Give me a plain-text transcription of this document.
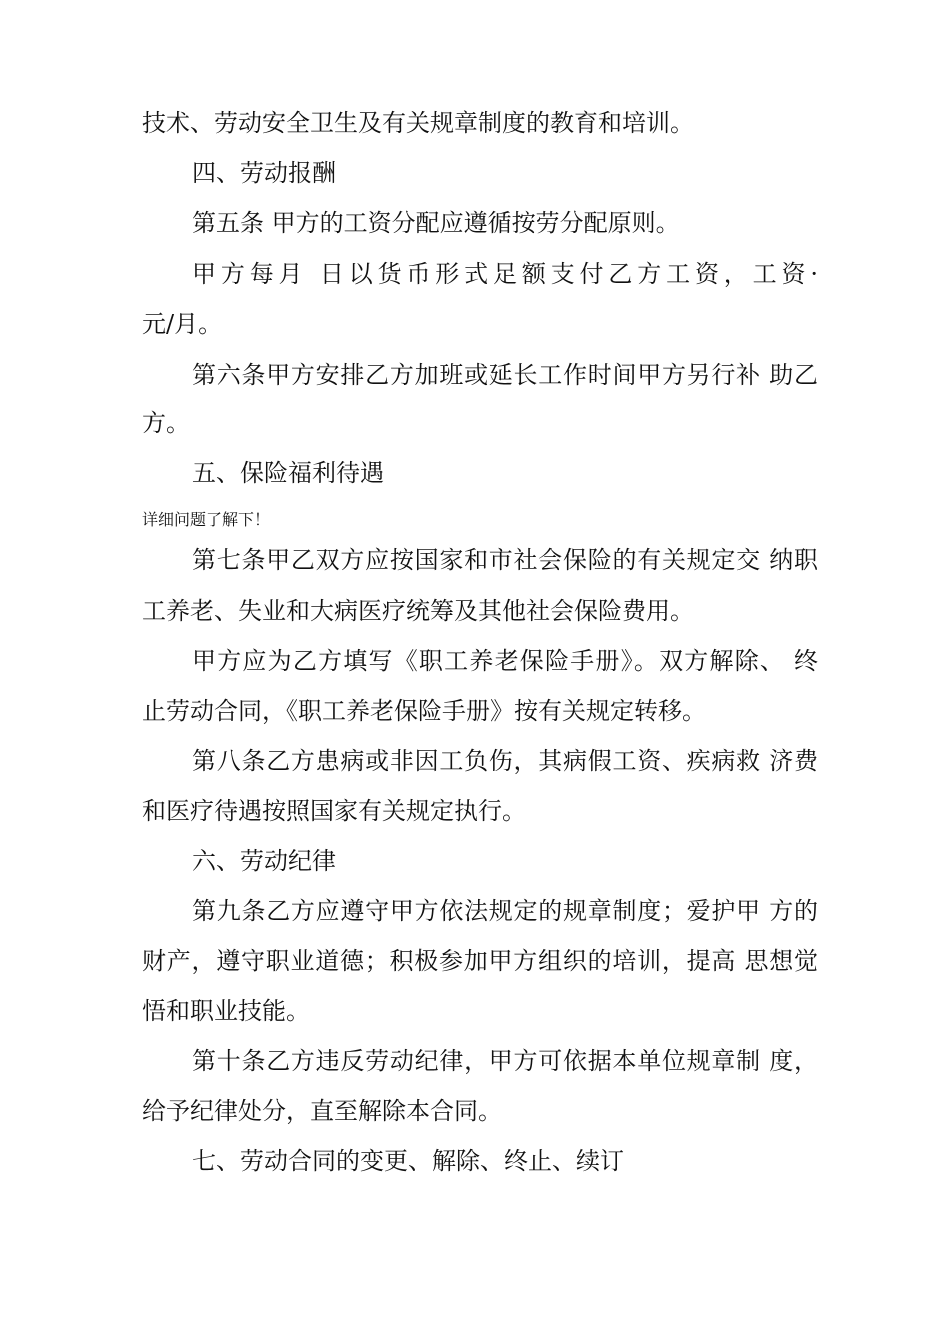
技术、劳动安全卫生及有关规章制度的教育和培训。
四、劳动报酬
第五条 甲方的工资分配应遵循按劳分配原则。
甲方每月 日以货币形式足额支付乙方工资，工资·
元/月。
第六条甲方安排乙方加班或延长工作时间甲方另行补 助乙
方。
五、保险福利待遇
详细问题了解下！
第七条甲乙双方应按国家和市社会保险的有关规定交 纳职
工养老、失业和大病医疗统筹及其他社会保险费用。
甲方应为乙方填写《职工养老保险手册》。双方解除、 终
止劳动合同，《职工养老保险手册》按有关规定转移。
第八条乙方患病或非因工负伤，其病假工资、疾病救 济费
和医疗待遇按照国家有关规定执行。
六、劳动纪律
第九条乙方应遵守甲方依法规定的规章制度；爱护甲 方的
财产，遵守职业道德；积极参加甲方组织的培训，提高 思想觉
悟和职业技能。
第十条乙方违反劳动纪律，甲方可依据本单位规章制 度，
给予纪律处分，直至解除本合同。
七、劳动合同的变更、解除、终止、续订
